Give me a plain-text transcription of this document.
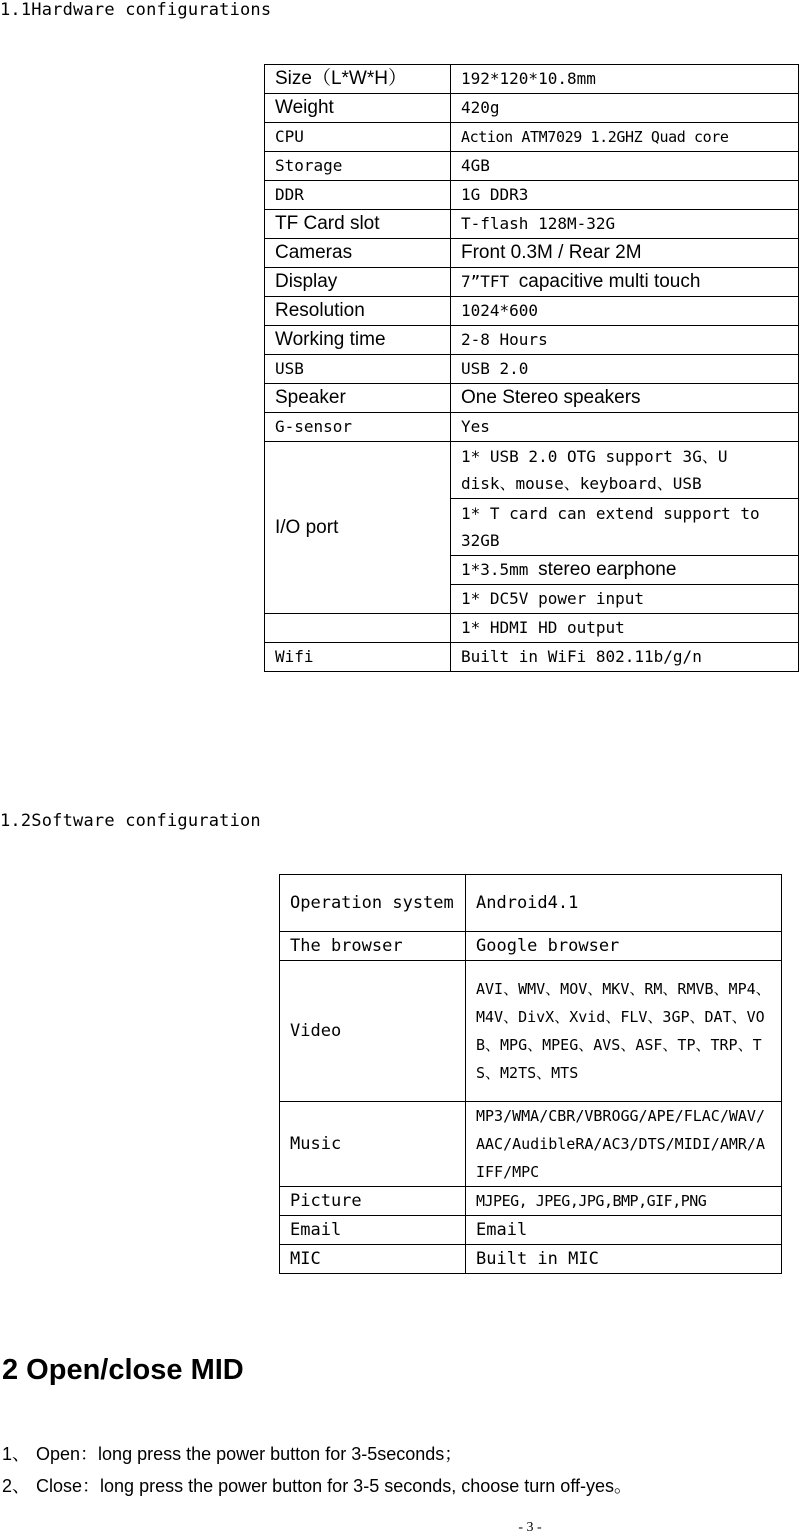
1.1Hardware configurations
Size（L*W*H）	192*120*10.8mm
Weight	420g
CPU	Action ATM7029 1.2GHZ Quad core
Storage	4GB
DDR	1G DDR3
TF Card slot	T-flash 128M-32G
Cameras	Front 0.3M / Rear 2M
Display	7”TFT capacitive multi touch
Resolution	1024*600
Working time	2-8 Hours
USB	USB 2.0
Speaker	One Stereo speakers
G-sensor	Yes
I/O port	1* USB 2.0 OTG support 3G、U disk、mouse、keyboard、USB
	1* T card can extend support to 32GB
	1*3.5mm stereo earphone
	1* DC5V power input
	1* HDMI HD output
Wifi	Built in WiFi 802.11b/g/n
1.2Software configuration
Operation system	Android4.1
The browser	Google browser
Video	AVI、WMV、MOV、MKV、RM、RMVB、MP4、M4V、DivX、Xvid、FLV、3GP、DAT、VOB、MPG、MPEG、AVS、ASF、TP、TRP、TS、M2TS、MTS
Music	MP3/WMA/CBR/VBROGG/APE/FLAC/WAV/AAC/AudibleRA/AC3/DTS/MIDI/AMR/AIFF/MPC
Picture	MJPEG, JPEG,JPG,BMP,GIF,PNG
Email	Email
MIC	Built in MIC
2 Open/close MID
1、 Open：long press the power button for 3-5seconds；
2、 Close：long press the power button for 3-5 seconds, choose turn off-yes。
- 3 -
